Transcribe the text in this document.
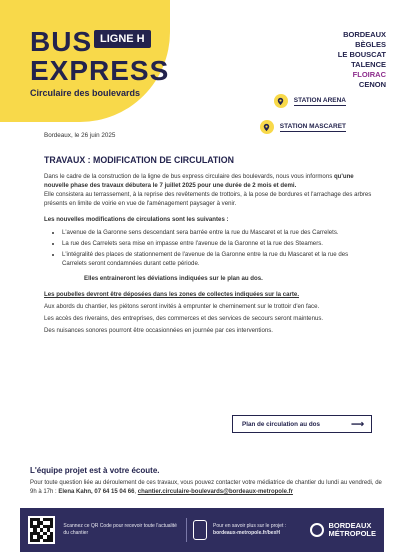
BUS LIGNE H
EXPRESS
Circulaire des boulevards
BORDEAUX
BÈGLES
LE BOUSCAT
TALENCE
FLOIRAC
CENON
STATION ARENA
STATION MASCARET
Bordeaux, le 26 juin 2025
TRAVAUX : MODIFICATION DE CIRCULATION

Dans le cadre de la construction de la ligne de bus express circulaire des boulevards, nous vous informons qu'une nouvelle phase des travaux débutera le 7 juillet 2025 pour une durée de 2 mois et demi.

Elle consistera au terrassement, à la reprise des revêtements de trottoirs, à la pose de bordures et l'arrachage des arbres présents en limite de voirie en vue de l'aménagement paysager à venir.

Les nouvelles modifications de circulations sont les suivantes :

• L'avenue de la Garonne sens descendant sera barrée entre la rue du Mascaret et la rue des Carrelets.
• La rue des Carrelets sera mise en impasse entre l'avenue de la Garonne et la rue des Steamers.
• L'intégralité des places de stationnement de l'avenue de la Garonne entre la rue du Mascaret et la rue des Carrelets seront condamnées durant cette période.

Elles entraineront les déviations indiquées sur le plan au dos.

Les poubelles devront être déposées dans les zones de collectes indiquées sur la carte.

Aux abords du chantier, les piétons seront invités à emprunter le cheminement sur le trottoir d'en face.

Les accès des riverains, des entreprises, des commerces et des services de secours seront maintenus.

Des nuisances sonores pourront être occasionnées en journée par ces interventions.

Plan de circulation au dos	⟶
L'équipe projet est à votre écoute.
Pour toute question liée au déroulement de ces travaux, vous pouvez contacter votre médiatrice de chantier du lundi au vendredi, de 9h à 17h : Elena Kahn, 07 64 15 04 66, chantier.circulaire-boulevards@bordeaux-metropole.fr
Scannez ce QR Code pour recevoir toute l'actualité du chantier
Pour en savoir plus sur le projet :
bordeaux-metropole.fr/bexH
BORDEAUX
MÉTROPOLE
